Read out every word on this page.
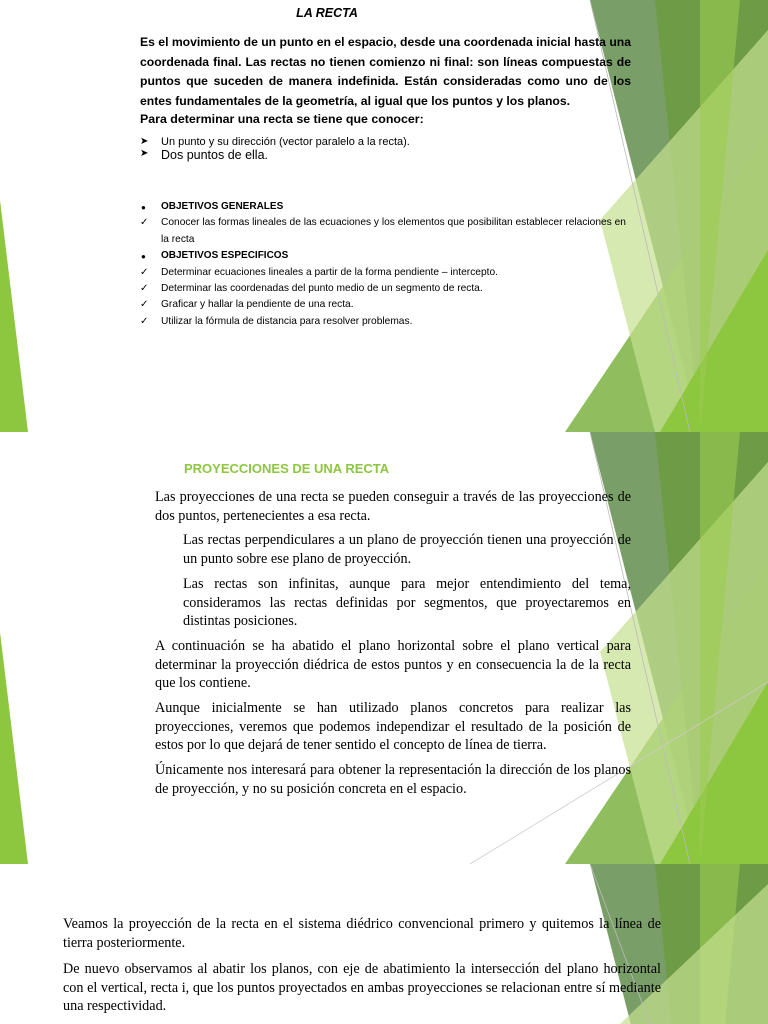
LA RECTA
Es el movimiento de un punto en el espacio, desde una coordenada inicial hasta una coordenada final. Las rectas no tienen comienzo ni final: son líneas compuestas de puntos que suceden de manera indefinida. Están consideradas como uno de los entes fundamentales de la geometría, al igual que los puntos y los planos.
Para determinar una recta se tiene que conocer:
➤ Un punto y su dirección (vector paralelo a la recta).
➤ Dos puntos de ella.
● OBJETIVOS GENERALES
✓ Conocer las formas lineales de las ecuaciones y los elementos que posibilitan establecer relaciones en la recta
● OBJETIVOS ESPECIFICOS
✓ Determinar ecuaciones lineales a partir de la forma pendiente – intercepto.
✓ Determinar las coordenadas del punto medio de un segmento de recta.
✓ Graficar y hallar la pendiente de una recta.
✓ Utilizar la fórmula de distancia para resolver problemas.
PROYECCIONES DE UNA RECTA
Las proyecciones de una recta se pueden conseguir a través de las proyecciones de dos puntos, pertenecientes a esa recta.
Las rectas perpendiculares a un plano de proyección tienen una proyección de un punto sobre ese plano de proyección.
Las rectas son infinitas, aunque para mejor entendimiento del tema, consideramos las rectas definidas por segmentos, que proyectaremos en distintas posiciones.
A continuación se ha abatido el plano horizontal sobre el plano vertical para determinar la proyección diédrica de estos puntos y en consecuencia la de la recta que los contiene.
Aunque inicialmente se han utilizado planos concretos para realizar las proyecciones, veremos que podemos independizar el resultado de la posición de estos por lo que dejará de tener sentido el concepto de línea de tierra.
Únicamente nos interesará para obtener la representación la dirección de los planos de proyección, y no su posición concreta en el espacio.
Veamos la proyección de la recta en el sistema diédrico convencional primero y quitemos la línea de tierra posteriormente.
De nuevo observamos al abatir los planos, con eje de abatimiento la intersección del plano horizontal con el vertical, recta i, que los puntos proyectados en ambas proyecciones se relacionan entre sí mediante una respectividad.
